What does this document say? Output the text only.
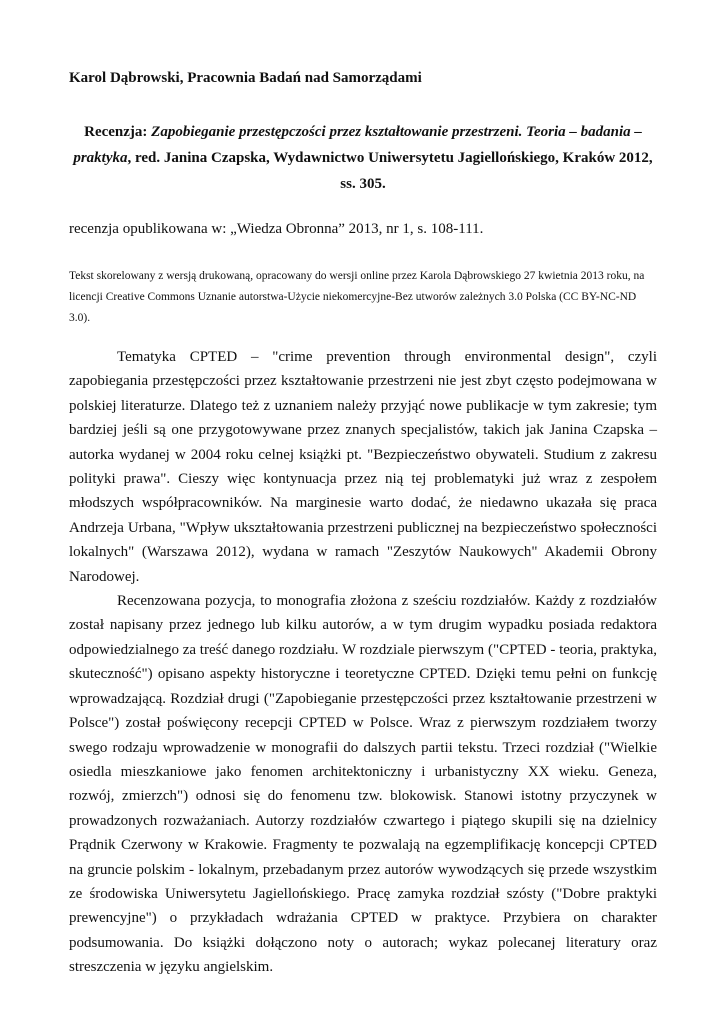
Karol Dąbrowski, Pracownia Badań nad Samorządami
Recenzja: Zapobieganie przestępczości przez kształtowanie przestrzeni. Teoria – badania – praktyka, red. Janina Czapska, Wydawnictwo Uniwersytetu Jagiellońskiego, Kraków 2012, ss. 305.
recenzja opublikowana w: „Wiedza Obronna” 2013, nr 1, s. 108-111.
Tekst skorelowany z wersją drukowaną, opracowany do wersji online przez Karola Dąbrowskiego 27 kwietnia 2013 roku, na licencji Creative Commons Uznanie autorstwa-Użycie niekomercyjne-Bez utworów zależnych 3.0 Polska (CC BY-NC-ND 3.0).

Tematyka CPTED – "crime prevention through environmental design", czyli zapobiegania przestępczości przez kształtowanie przestrzeni nie jest zbyt często podejmowana w polskiej literaturze. Dlatego też z uznaniem należy przyjąć nowe publikacje w tym zakresie; tym bardziej jeśli są one przygotowywane przez znanych specjalistów, takich jak Janina Czapska – autorka wydanej w 2004 roku celnej książki pt. "Bezpieczeństwo obywateli. Studium z zakresu polityki prawa". Cieszy więc kontynuacja przez nią tej problematyki już wraz z zespołem młodszych współpracowników. Na marginesie warto dodać, że niedawno ukazała się praca Andrzeja Urbana, "Wpływ ukształtowania przestrzeni publicznej na bezpieczeństwo społeczności lokalnych" (Warszawa 2012), wydana w ramach "Zeszytów Naukowych" Akademii Obrony Narodowej.

Recenzowana pozycja, to monografia złożona z sześciu rozdziałów. Każdy z rozdziałów został napisany przez jednego lub kilku autorów, a w tym drugim wypadku posiada redaktora odpowiedzialnego za treść danego rozdziału. W rozdziale pierwszym ("CPTED - teoria, praktyka, skuteczność") opisano aspekty historyczne i teoretyczne CPTED. Dzięki temu pełni on funkcję wprowadzającą. Rozdział drugi ("Zapobieganie przestępczości przez kształtowanie przestrzeni w Polsce") został poświęcony recepcji CPTED w Polsce. Wraz z pierwszym rozdziałem tworzy swego rodzaju wprowadzenie w monografii do dalszych partii tekstu. Trzeci rozdział ("Wielkie osiedla mieszkaniowe jako fenomen architektoniczny i urbanistyczny XX wieku. Geneza, rozwój, zmierzch") odnosi się do fenomenu tzw. blokowisk. Stanowi istotny przyczynek w prowadzonych rozważaniach. Autorzy rozdziałów czwartego i piątego skupili się na dzielnicy Prądnik Czerwony w Krakowie. Fragmenty te pozwalają na egzemplifikację koncepcji CPTED na gruncie polskim - lokalnym, przebadanym przez autorów wywodzących się przede wszystkim ze środowiska Uniwersytetu Jagiellońskiego. Pracę zamyka rozdział szósty ("Dobre praktyki prewencyjne") o przykładach wdrażania CPTED w praktyce. Przybiera on charakter podsumowania. Do książki dołączono noty o autorach; wykaz polecanej literatury oraz streszczenia w języku angielskim.
